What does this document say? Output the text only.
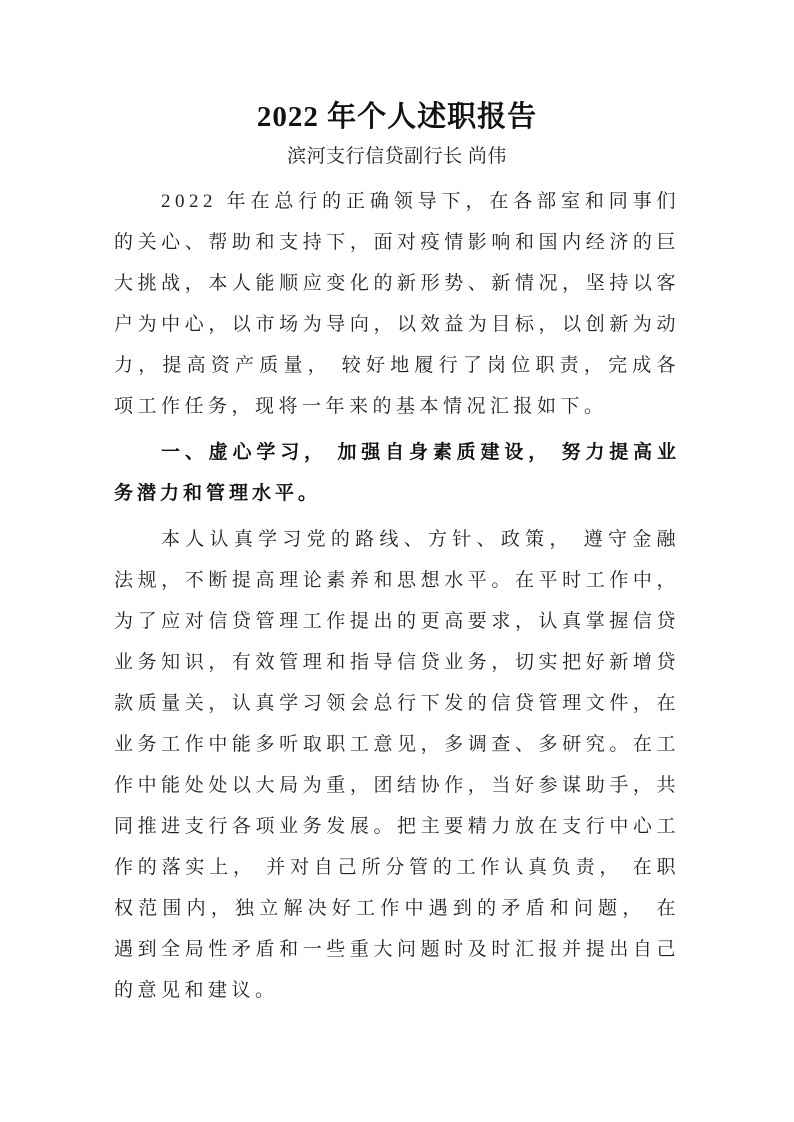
2022 年个人述职报告
滨河支行信贷副行长 尚伟

2022 年在总行的正确领导下，在各部室和同事们的关心、帮助和支持下，面对疫情影响和国内经济的巨大挑战，本人能顺应变化的新形势、新情况，坚持以客户为中心，以市场为导向，以效益为目标，以创新为动力，提高资产质量， 较好地履行了岗位职责，完成各项工作任务，现将一年来的基本情况汇报如下。

一、虚心学习， 加强自身素质建设， 努力提高业务潜力和管理水平。

本人认真学习党的路线、方针、政策， 遵守金融法规，不断提高理论素养和思想水平。在平时工作中，为了应对信贷管理工作提出的更高要求，认真掌握信贷业务知识，有效管理和指导信贷业务，切实把好新增贷款质量关，认真学习领会总行下发的信贷管理文件，在业务工作中能多听取职工意见，多调查、多研究。在工作中能处处以大局为重，团结协作，当好参谋助手，共同推进支行各项业务发展。把主要精力放在支行中心工作的落实上， 并对自己所分管的工作认真负责， 在职权范围内，独立解决好工作中遇到的矛盾和问题， 在遇到全局性矛盾和一些重大问题时及时汇报并提出自己的意见和建议。
